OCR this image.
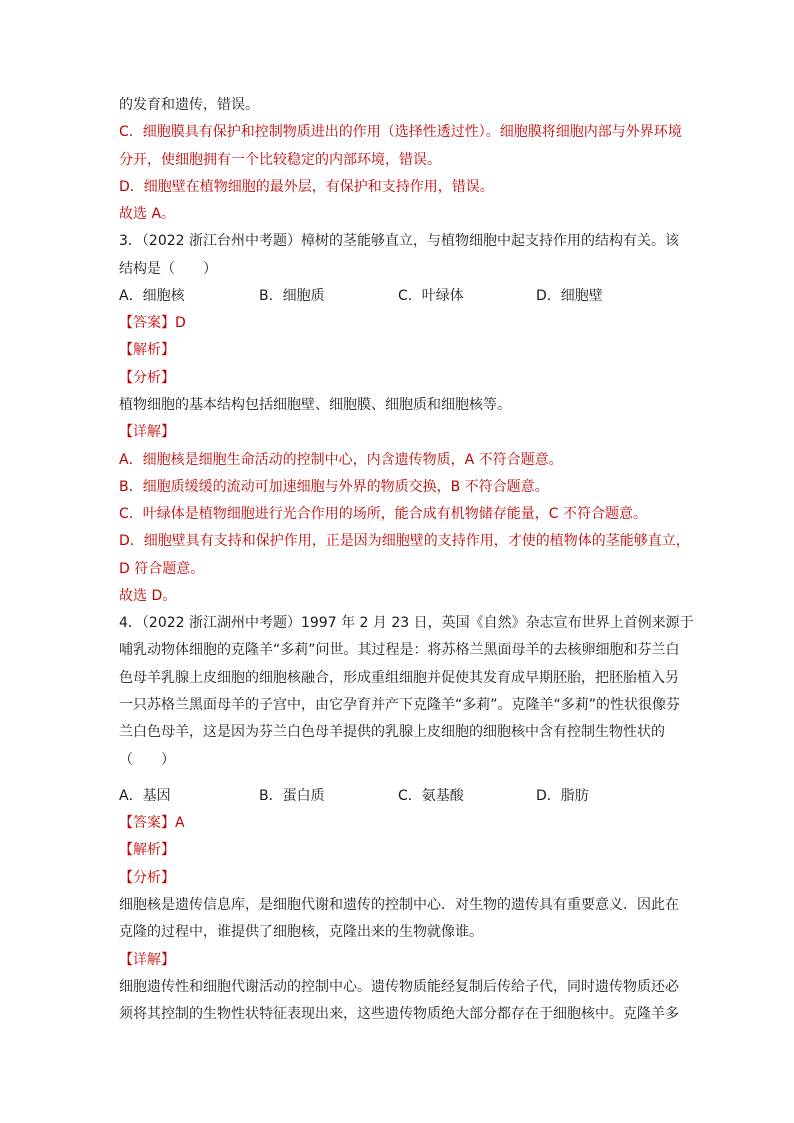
的发育和遗传，错误。
C．细胞膜具有保护和控制物质进出的作用（选择性透过性）。细胞膜将细胞内部与外界环境
分开，使细胞拥有一个比较稳定的内部环境，错误。
D．细胞壁在植物细胞的最外层，有保护和支持作用，错误。
故选 A。
3．（2022 浙江台州中考题）樟树的茎能够直立，与植物细胞中起支持作用的结构有关。该
结构是（　　）
A．细胞核	B．细胞质	C．叶绿体	D．细胞壁
【答案】D
【解析】
【分析】
植物细胞的基本结构包括细胞壁、细胞膜、细胞质和细胞核等。
【详解】
A．细胞核是细胞生命活动的控制中心，内含遗传物质，A 不符合题意。
B．细胞质缓缓的流动可加速细胞与外界的物质交换，B 不符合题意。
C．叶绿体是植物细胞进行光合作用的场所，能合成有机物储存能量，C 不符合题意。
D．细胞壁具有支持和保护作用，正是因为细胞壁的支持作用，才使的植物体的茎能够直立，
D 符合题意。
故选 D。
4．（2022 浙江湖州中考题）1997 年 2 月 23 日，英国《自然》杂志宣布世界上首例来源于
哺乳动物体细胞的克隆羊“多莉”问世。其过程是：将苏格兰黑面母羊的去核卵细胞和芬兰白
色母羊乳腺上皮细胞的细胞核融合，形成重组细胞并促使其发育成早期胚胎，把胚胎植入另
一只苏格兰黑面母羊的子宫中，由它孕育并产下克隆羊“多莉”。克隆羊“多莉”的性状很像芬
兰白色母羊，这是因为芬兰白色母羊提供的乳腺上皮细胞的细胞核中含有控制生物性状的
（　　）
A．基因	B．蛋白质	C．氨基酸	D．脂肪
【答案】A
【解析】
【分析】
细胞核是遗传信息库，是细胞代谢和遗传的控制中心．对生物的遗传具有重要意义．因此在
克隆的过程中，谁提供了细胞核，克隆出来的生物就像谁。
【详解】
细胞遗传性和细胞代谢活动的控制中心。遗传物质能经复制后传给子代，同时遗传物质还必
须将其控制的生物性状特征表现出来，这些遗传物质绝大部分都存在于细胞核中。克隆羊多
